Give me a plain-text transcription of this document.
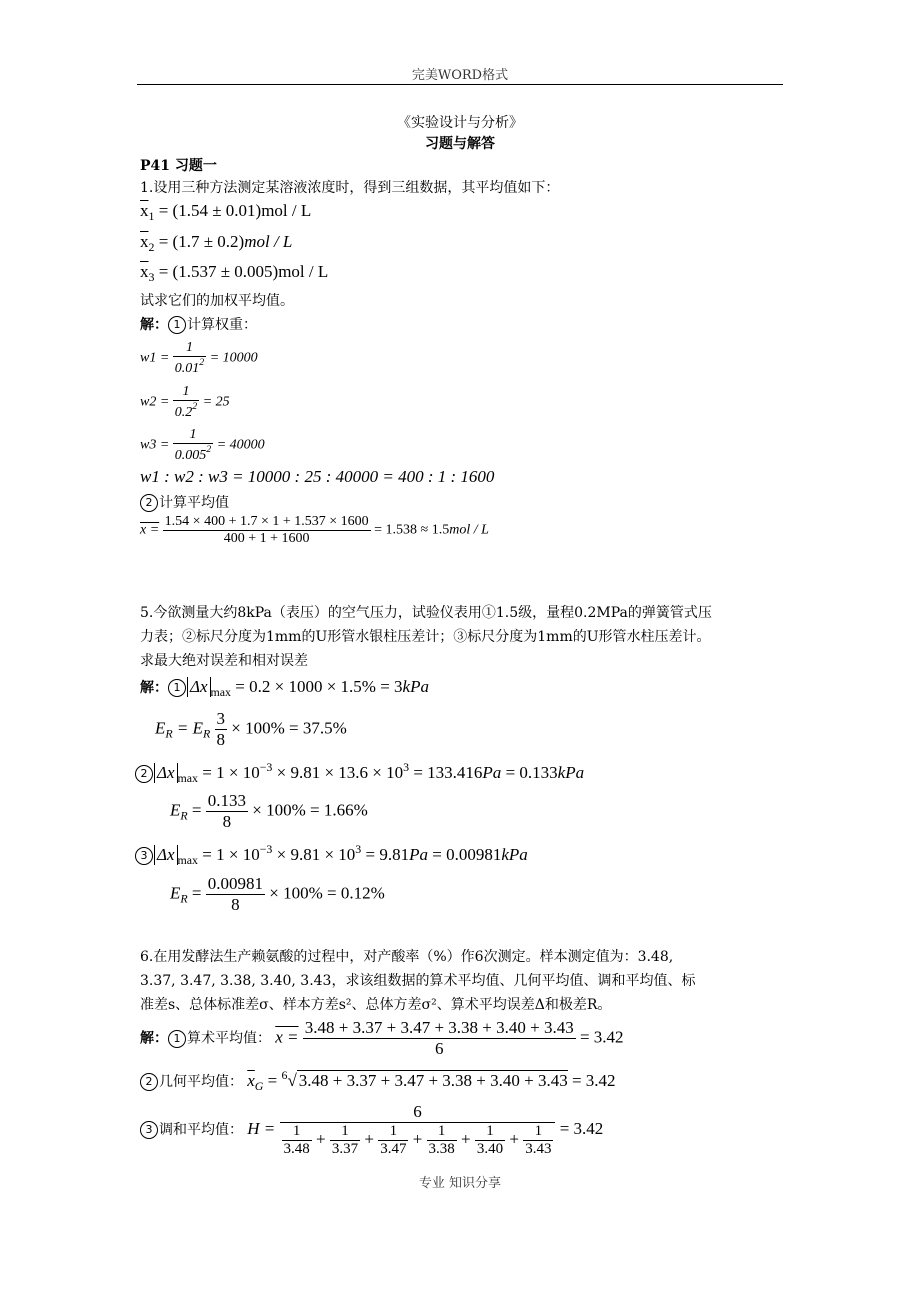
完美WORD格式
专业 知识分享
《实验设计与分析》
习题与解答
P41 习题一
1.设用三种方法测定某溶液浓度时，得到三组数据，其平均值如下：
$\overline{x}_1 = (1.54 \pm 0.01)mol / L$
$\overline{x}_2 = (1.7 \pm 0.2)mol / L$
$\overline{x}_3 = (1.537 \pm 0.005)mol / L$
试求它们的加权平均值。
解： 1 计算权重：
$w1 = \frac{1}{0.01^2} = 10000$
$w2 = \frac{1}{0.2^2} = 25$
$w3 = \frac{1}{0.005^2} = 40000$
w1 : w2 : w3 = 10000 : 25 : 40000 = 400 : 1 : 1600
2 计算平均值
$x = \frac{1.54 \times 400 + 1.7 \times 1 + 1.537 \times 1600}{400 + 1 + 1600} = 1.538 \approx 1.5mol / L$
5.今欲测量大约8kPa（表压）的空气压力，试验仪表用①1.5级，量程0.2MPa的弹簧管式压
力表；②标尺分度为1mm的U形管水银柱压差计；③标尺分度为1mm的U形管水柱压差计。
求最大绝对误差和相对误差
解： 1 Δx $_{max}$ = 0.2 × 1000 × 1.5% = 3kPa
$E_R = E_R \frac{3}{8} \times 100\% = 37.5\%$
2 Δx $_{max} = 1 \times 10^{-3} \times 9.81 \times 13.6 \times 10^3 = 133.416Pa = 0.133kPa$
$E_R = \frac{0.133}{8} \times 100\% = 1.66\%$
3 Δx $_{max} = 1 \times 10^{-3} \times 9.81 \times 10^3 = 9.81Pa = 0.00981kPa$
$E_R = \frac{0.00981}{8} \times 100\% = 0.12\%$
6.在用发酵法生产赖氨酸的过程中，对产酸率（%）作6次测定。样本测定值为：3.48,
3.37, 3.47, 3.38, 3.40, 3.43，求该组数据的算术平均值、几何平均值、调和平均值、标
准差s、总体标准差σ、样本方差s²、总体方差σ²、算术平均误差Δ和极差R。
解： 1 算术平均值： $x = \frac{3.48 + 3.37 + 3.47 + 3.38 + 3.40 + 3.43}{6} = 3.42$
2 几何平均值： $\overline{x}_G = ^6√$ 3.48 + 3.37 + 3.47 + 3.38 + 3.40 + 3.43 = 3.42
3 调和平均值： $H = \frac{6}{\frac{1}{3.48} + \frac{1}{3.37} + \frac{1}{3.47} + \frac{1}{3.38} + \frac{1}{3.40} + \frac{1}{3.43}} = 3.42$
